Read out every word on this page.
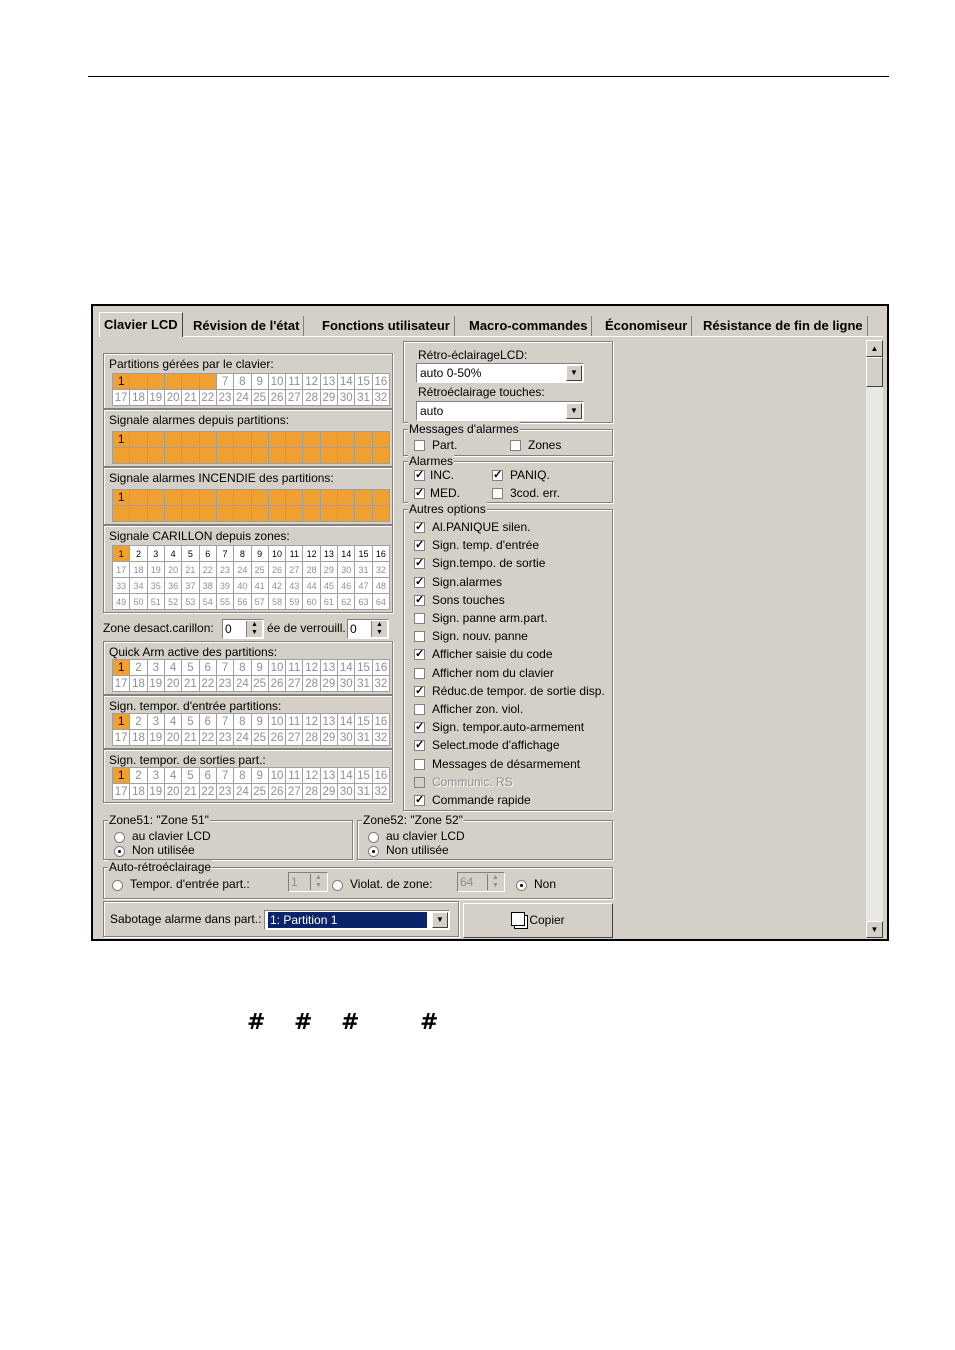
Clavier LCD	Révision de l'état	Fonctions utilisateur	Macro-commandes	Économiseur	Résistance de fin de ligne
Partitions gérées par le clavier:
1	2	3	4	5	6	7	8	9	10	11	12	13	14	15	16
17	18	19	20	21	22	23	24	25	26	27	28	29	30	31	32
Signale alarmes depuis partitions:
1	2	3	4	5	6	7	8	9	10	11	12	13	14	15	16
17	18	19	20	21	22	23	24	25	26	27	28	29	30	31	32
Signale alarmes INCENDIE des partitions:
1	2	3	4	5	6	7	8	9	10	11	12	13	14	15	16
17	18	19	20	21	22	23	24	25	26	27	28	29	30	31	32
Signale CARILLON depuis zones:
1	2	3	4	5	6	7	8	9	10	11	12	13	14	15	16
17	18	19	20	21	22	23	24	25	26	27	28	29	30	31	32
33	34	35	36	37	38	39	40	41	42	43	44	45	46	47	48
49	50	51	52	53	54	55	56	57	58	59	60	61	62	63	64
Zone desact.carillon: 0	▲
▼ ée de verrouill. 0	▲
▼
Quick Arm active des partitions:
1	2	3	4	5	6	7	8	9	10	11	12	13	14	15	16
17	18	19	20	21	22	23	24	25	26	27	28	29	30	31	32
Sign. tempor. d'entrée partitions:
1	2	3	4	5	6	7	8	9	10	11	12	13	14	15	16
17	18	19	20	21	22	23	24	25	26	27	28	29	30	31	32
Sign. tempor. de sorties part.:
1	2	3	4	5	6	7	8	9	10	11	12	13	14	15	16
17	18	19	20	21	22	23	24	25	26	27	28	29	30	31	32
Rétro-éclairageLCD:
auto 0-50%	▼
Rétroéclairage touches:
auto	▼
Messages d'alarmes
Part.	Zones
Alarmes
✓ INC.	✓ PANIQ.
✓ MED.	3cod. err.
Autres options
✓ Al.PANIQUE silen.
✓ Sign. temp. d'entrée
✓ Sign.tempo. de sortie
✓ Sign.alarmes
✓ Sons touches
Sign. panne arm.part.
Sign. nouv. panne
✓ Afficher saisie du code
Afficher nom du clavier
✓ Réduc.de tempor. de sortie disp.
Afficher zon. viol.
✓ Sign. tempor.auto-armement
✓ Select.mode d'affichage
Messages de désarmement
Communic. RS
✓ Commande rapide
Zone51: "Zone 51"
au clavier LCD
Non utilisée
Zone52: "Zone 52"
au clavier LCD
Non utilisée
Auto-rétroéclairage
Tempor. d'entrée part.:	1	▲
▼	Violat. de zone: 64	▲
▼	Non
Sabotage alarme dans part.: 1: Partition 1	▼	Copier
▲
▼
# # #	#
